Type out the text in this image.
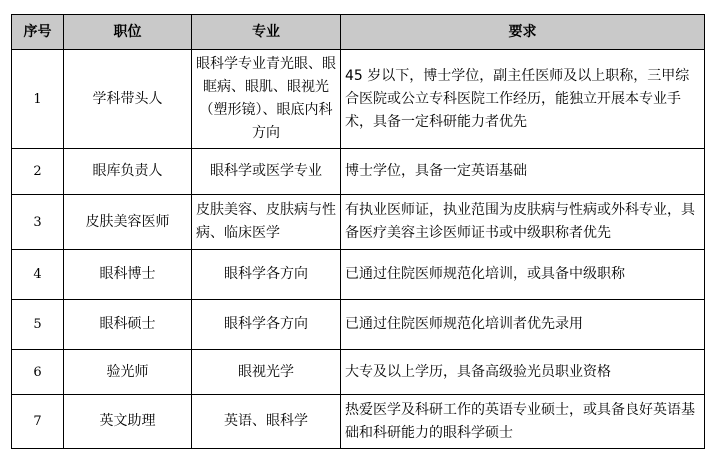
序号	职位	专业	要求
1	学科带头人	眼科学专业青光眼、眼眶病、眼肌、眼视光（塑形镜）、眼底内科方向	45 岁以下，博士学位，副主任医师及以上职称，三甲综合医院或公立专科医院工作经历，能独立开展本专业手术，具备一定科研能力者优先
2	眼库负责人	眼科学或医学专业	博士学位，具备一定英语基础
3	皮肤美容医师	皮肤美容、皮肤病与性病、临床医学	有执业医师证，执业范围为皮肤病与性病或外科专业，具备医疗美容主诊医师证书或中级职称者优先
4	眼科博士	眼科学各方向	已通过住院医师规范化培训，或具备中级职称
5	眼科硕士	眼科学各方向	已通过住院医师规范化培训者优先录用
6	验光师	眼视光学	大专及以上学历，具备高级验光员职业资格
7	英文助理	英语、眼科学	热爱医学及科研工作的英语专业硕士，或具备良好英语基础和科研能力的眼科学硕士
